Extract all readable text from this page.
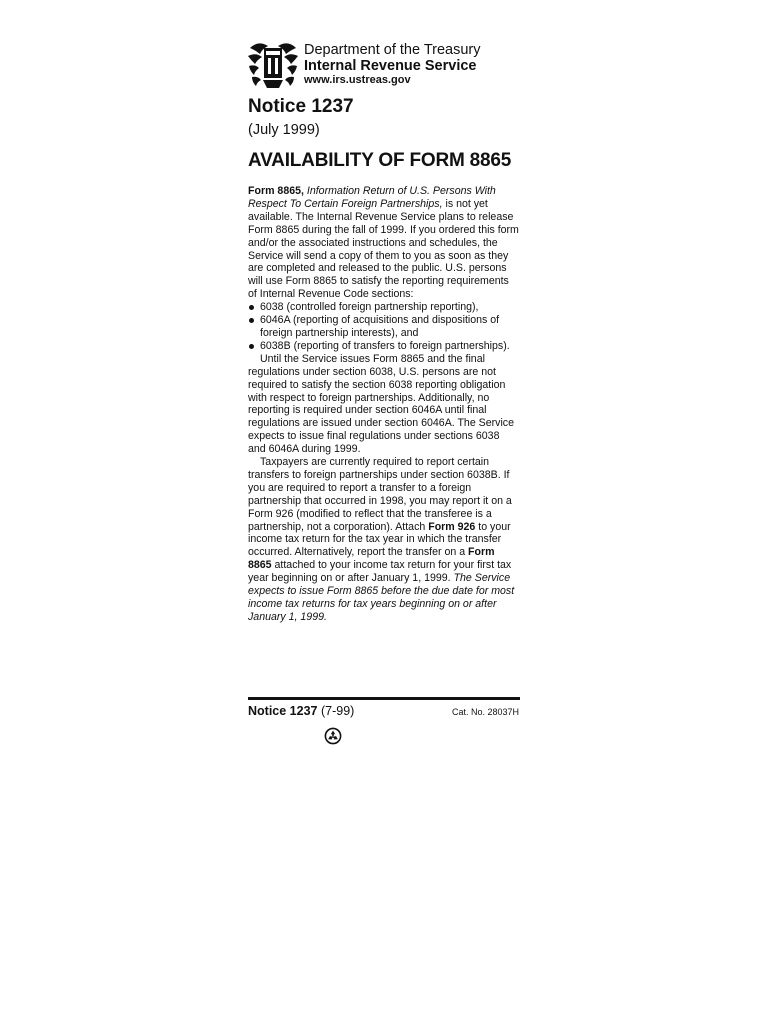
Department of the Treasury
Internal Revenue Service
www.irs.ustreas.gov
Notice 1237
(July 1999)
AVAILABILITY OF FORM 8865

Form 8865, Information Return of U.S. Persons With Respect To Certain Foreign Partnerships, is not yet available. The Internal Revenue Service plans to release Form 8865 during the fall of 1999. If you ordered this form and/or the associated instructions and schedules, the Service will send a copy of them to you as soon as they are completed and released to the public. U.S. persons will use Form 8865 to satisfy the reporting requirements of Internal Revenue Code sections:

6038 (controlled foreign partnership reporting),
6046A (reporting of acquisitions and dispositions of foreign partnership interests), and
6038B (reporting of transfers to foreign partnerships).

Until the Service issues Form 8865 and the final regulations under section 6038, U.S. persons are not required to satisfy the section 6038 reporting obligation with respect to foreign partnerships. Additionally, no reporting is required under section 6046A until final regulations are issued under section 6046A. The Service expects to issue final regulations under sections 6038 and 6046A during 1999.

Taxpayers are currently required to report certain transfers to foreign partnerships under section 6038B. If you are required to report a transfer to a foreign partnership that occurred in 1998, you may report it on a Form 926 (modified to reflect that the transferee is a partnership, not a corporation). Attach Form 926 to your income tax return for the tax year in which the transfer occurred. Alternatively, report the transfer on a Form 8865 attached to your income tax return for your first tax year beginning on or after January 1, 1999. The Service expects to issue Form 8865 before the due date for most income tax returns for tax years beginning on or after January 1, 1999.

Notice 1237 (7-99)	Cat. No. 28037H
